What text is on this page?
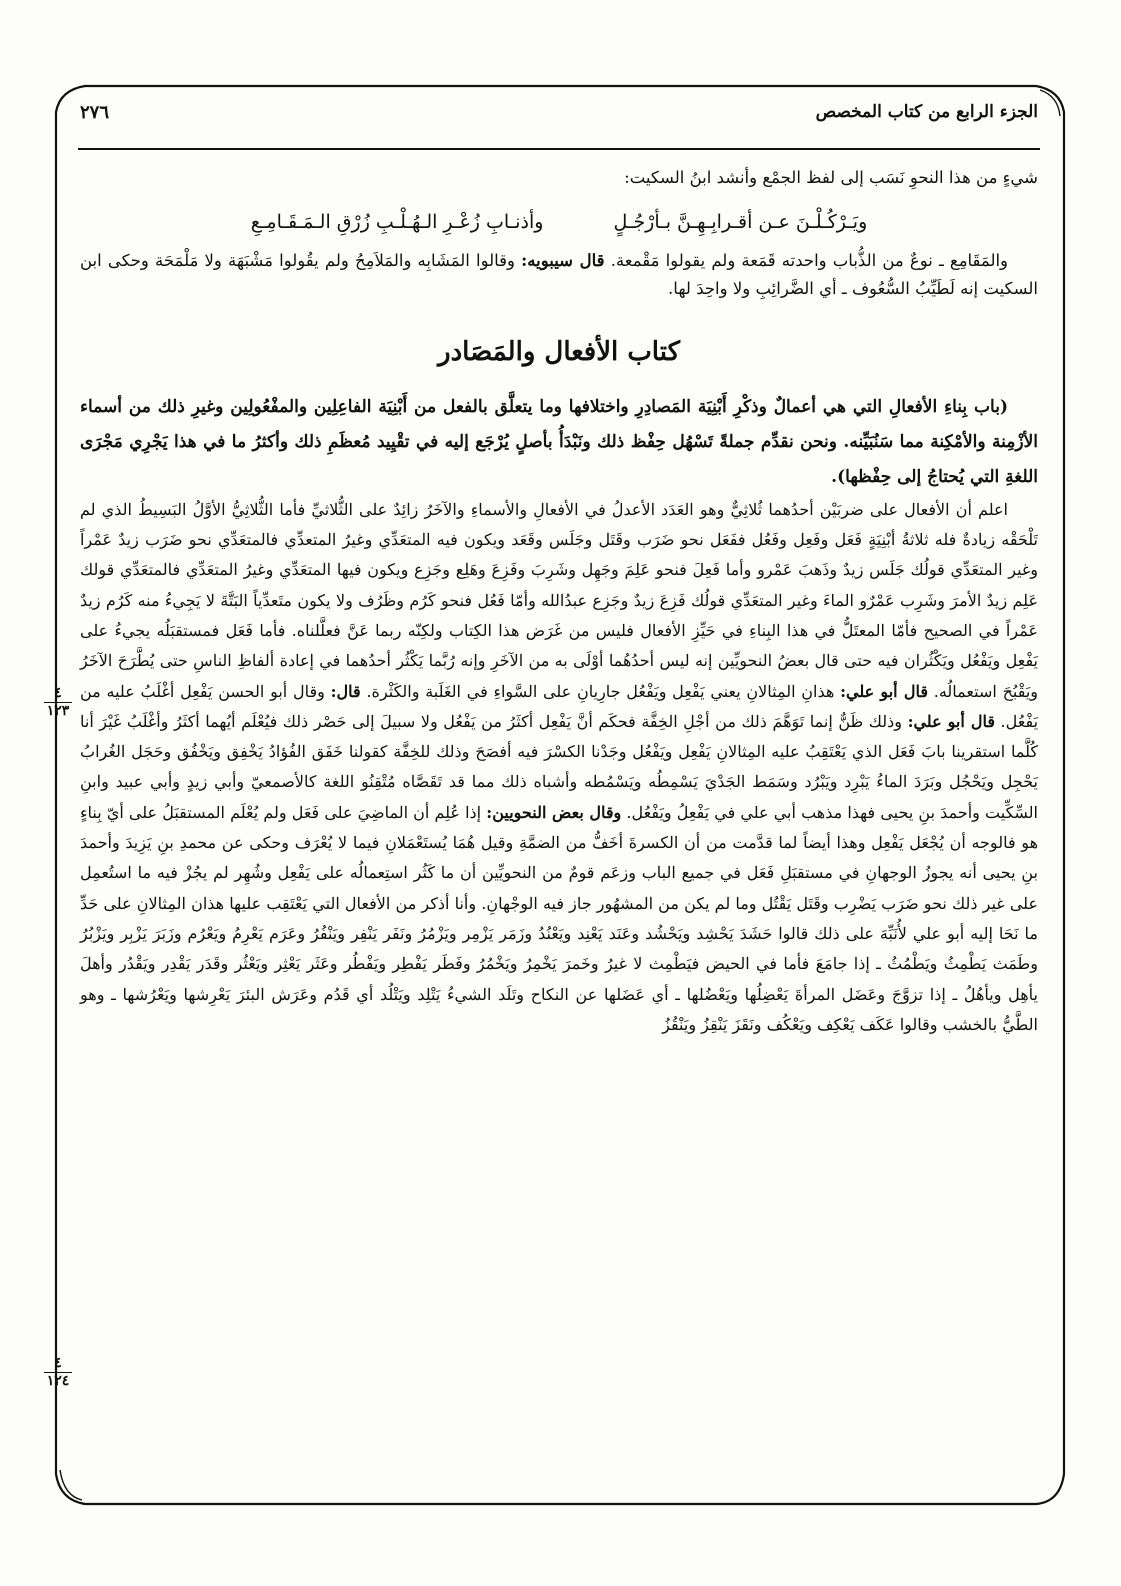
الجزء الرابع من كتاب المخصص
٢٧٦

شيءٍ من هذا النحوِ نَسَب إلى لفظ الجمْع وأنشد ابنُ السكيت:

ويَـرْكُـلْـنَ عـن أقـرابِـهِـنَّ بـأرْجُـلٍ
وأذنـابِ زُعْـرِ الـهُـلْـبِ زُرْقِ الـمَـقَـامِـعِ

والمَقَامِع ـ نوعٌ من الذُّباب واحدته قَمَعة ولم يقولوا مَقْمعة. قال سيبويه: وقالوا المَشَابِه والمَلاَمِحُ ولم يقُولوا مَشْبَهَة ولا مَلْمَحَة وحكى ابن السكيت إنه لَطَيِّبُ السُّعُوف ـ أي الضَّرائِبِ ولا واحِدَ لها.

كتاب الأفعال والمَصَادر

(باب بِناءِ الأفعالِ التي هي أعمالٌ وذكْرِ أَبْنِيَة المَصادِرِ واختلافها وما يتعلَّق بالفعل من أَبْنِيَة الفاعِلِين والمفْعُولِين وغيرِ ذلك من أسماء الأزْمِنة والأمْكِنة مما سَنُبَيِّنه. ونحن نقدِّم جملةً تَسْهُل حِفْظ ذلك ونَبْدَأُ بأصلٍ يُرْجَع إليه في تقْيِيد مُعظَمِ ذلك وأكثرُ ما في هذا يَجْرِي مَجْرَى اللغةِ التي يُحتاجُ إلى حِفْظها).

اعلم أن الأفعال على ضربَيْن أحدُهما ثُلاثِيٌّ وهو العَدَد الأعدلُ في الأفعالِ والأسماءِ والآخَرُ زائِدٌ على الثُّلاثيِّ فأما الثُّلاثِيُّ الأوَّلُ البَسِيطُ الذي لم تَلْحَقْه زيادةٌ فله ثلاثةُ أبْنِيَةٍ فَعَل وفَعِل وفَعُل ففَعَل نحو ضَرَب وقَتَل وجَلَس وقَعَد ويكون فيه المتعَدِّي وغيرُ المتعدِّي فالمتعَدِّي نحو ضَرَب زيدٌ عَمْراً وغير المتعَدِّي قولُك جَلَس زيدٌ وذَهبَ عَمْرو وأما فَعِلَ فنحو عَلِمَ وجَهِل وشَرِبَ وفَزِعَ وهَلِع وجَزِع ويكون فيها المتعَدِّي وغيرُ المتعَدِّي فالمتعَدِّي قولك عَلِم زيدٌ الأمرَ وشَرِب عَمْرٌو الماءَ وغير المتعَدِّي قولُك فَزِعَ زيدٌ وجَزِع عبدُالله وأمّا فَعُل فنحو كَرُم وظَرُف ولا يكون متَعدِّياً البَتَّةَ لا يَجِيءُ منه كَرُم زيدٌ عَمْراً في الصحيح فأمّا المعتَلُّ في هذا البِناءِ في حَيِّزِ الأفعال فليس من غَرَض هذا الكِتاب ولكِنّه ربما عَنَّ فعلَّلناه. فأما فَعَل فمستقبَلُه يجيءُ على يَفْعِل ويَفْعُل ويَكْثُران فيه حتى قال بعضُ النحويِّين إنه ليس أحدُهُما أوْلَى به من الآخَرِ وإنه رُبَّما يَكْثُر أحدُهما في إعادة ألفاظِ الناسِ حتى يُطَّرَحَ الآخَرُ ويَقْبُحَ استعمالُه. قال أبو علي: هذانِ المِثالانِ يعني يَفْعِل ويَفْعُل جارِيانِ على السَّواءِ في الغَلَبة والكَثْرة. قال: وقال أبو الحسن يَفْعِل أغْلَبُ عليه من يَفْعُل. قال أبو علي: وذلك ظَنٌّ إنما تَوَهَّمَ ذلك من أجْلِ الخِفَّة فحكَم أنَّ يَفْعِل أكثَرُ من يَفْعُل ولا سبيلَ إلى حَصْر ذلك فيُعْلَم أيُهما أكثَرُ وأغْلَبُ غَيْرَ أنا كُلَّما استقرينا بابَ فَعَل الذي يَعْتَقِبُ عليه المِثالانِ يَفْعِل ويَفْعُل وجَدْنا الكسْرَ فيه أفصَحَ وذلك للخِفَّة كقولنا خَفَق الفُؤادُ يَخْفِق ويَخْفُق وحَجَل الغُرابُ يَحْجِل ويَحْجُل وبَرَدَ الماءُ يَبْرِد ويَبْرُد وسَمَط الجَدْيَ يَسْمِطُه ويَسْمُطه وأشباه ذلك مما قد تَقَصَّاه مُتْقِنُو اللغة كالأصمعيّ وأبي زيدٍ وأبي عبيد وابنِ السِّكِّيت وأحمدَ بنِ يحيى فهذا مذهب أبي علي في يَفْعِلُ ويَفْعُل. وقال بعض النحويين: إذا عُلِم أن الماضِيَ على فَعَل ولم يُعْلَم المستقبَلُ على أيّ بِناءٍ هو فالوجه أن يُجْعَل يَفْعِل وهذا أيضاً لما قدَّمت من أن الكسرةَ أخَفُّ من الضمَّةِ وقيل هُمَا يُستَعْمَلانِ فيما لا يُعْرَف وحكى عن محمدِ بنِ يَزِيدَ وأحمدَ بنِ يحيى أنه يجوزُ الوجهانِ في مستقبَلِ فَعَل في جميع الباب وزعَم قومٌ من النحويِّين أن ما كَثُر استِعمالُه على يَفْعِل وشُهِر لم يجُزْ فيه ما استُعمِل على غير ذلك نحو ضَرَب يَضْرِب وقَتَل يَقْتُل وما لم يكن من المشهُور جاز فيه الوجْهانِ. وأنا أذكر من الأفعال التي يَعْتَقِب عليها هذان المِثالانِ على حَدِّ ما نَحَا إليه أبو علي لأُنَبِّهَ على ذلك قالوا حَشَدَ يَحْشِد ويَحْشُد وعَنَد يَعْنِد ويَعْنُدُ وزَمَر يَزْمِر ويَزْمُرُ ونَفَر يَنْفِر ويَنْفُرُ وعَرَم يَعْرِمُ ويَعْرُم وزَبَرَ يَزْبِر ويَزْبُرُ وطَمَث يَطْمِثُ ويَطْمُثُ ـ إذا جامَعَ فأما في الحيض فيَطْمِث لا غيرُ وخَمرَ يَخْمِرُ ويَخْمُرُ وفَطَر يَفْطِر ويَفْطُر وعَثَر يَعْثِر ويَعْثُر وقَدَر يَقْدِر ويَقْدُر وأهلَ يأهِل ويأهُلُ ـ إذا تزوَّجَ وعَضَل المرأةَ يَعْضِلُها ويَعْضُلها ـ أي عَضَلها عن النكاح وتَلَد الشيءُ يَتْلِد ويَتْلُد أي قَدُم وعَرَش البئرَ يَعْرِشها ويَعْرُشها ـ وهو الطَّيُّ بالخشب وقالوا عَكَف يَعْكِف ويَعْكُف ونَقَزَ يَنْقِزُ ويَنْقُزُ

٤
١٢٣
٤
١٢٤
